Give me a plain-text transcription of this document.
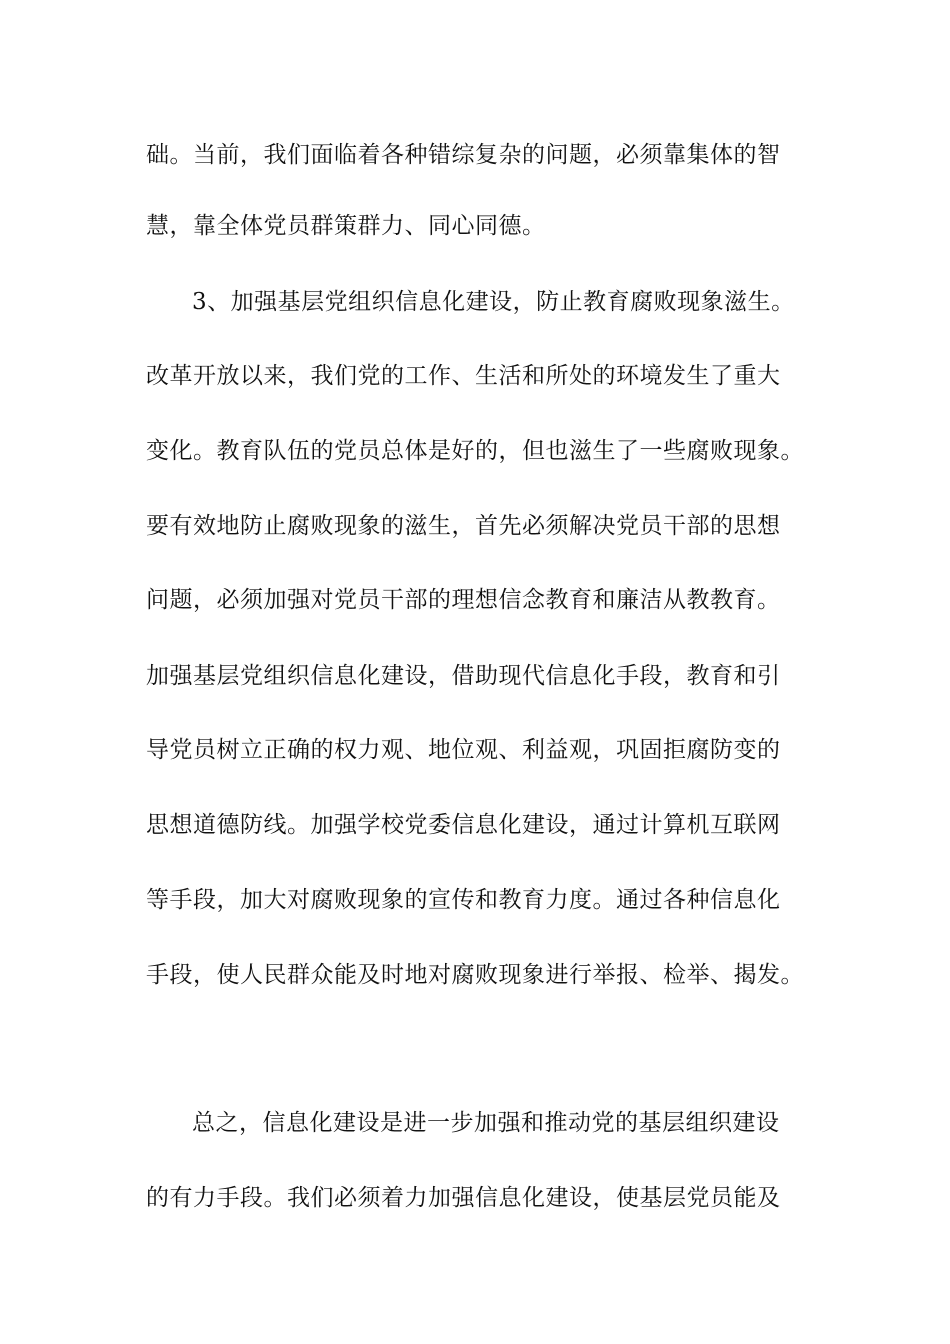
础。当前，我们面临着各种错综复杂的问题，必须靠集体的智

慧，靠全体党员群策群力、同心同德。

3、加强基层党组织信息化建设，防止教育腐败现象滋生。

改革开放以来，我们党的工作、生活和所处的环境发生了重大

变化。教育队伍的党员总体是好的，但也滋生了一些腐败现象。

要有效地防止腐败现象的滋生，首先必须解决党员干部的思想

问题，必须加强对党员干部的理想信念教育和廉洁从教教育。

加强基层党组织信息化建设，借助现代信息化手段，教育和引

导党员树立正确的权力观、地位观、利益观，巩固拒腐防变的

思想道德防线。加强学校党委信息化建设，通过计算机互联网

等手段，加大对腐败现象的宣传和教育力度。通过各种信息化

手段，使人民群众能及时地对腐败现象进行举报、检举、揭发。

总之，信息化建设是进一步加强和推动党的基层组织建设

的有力手段。我们必须着力加强信息化建设，使基层党员能及
